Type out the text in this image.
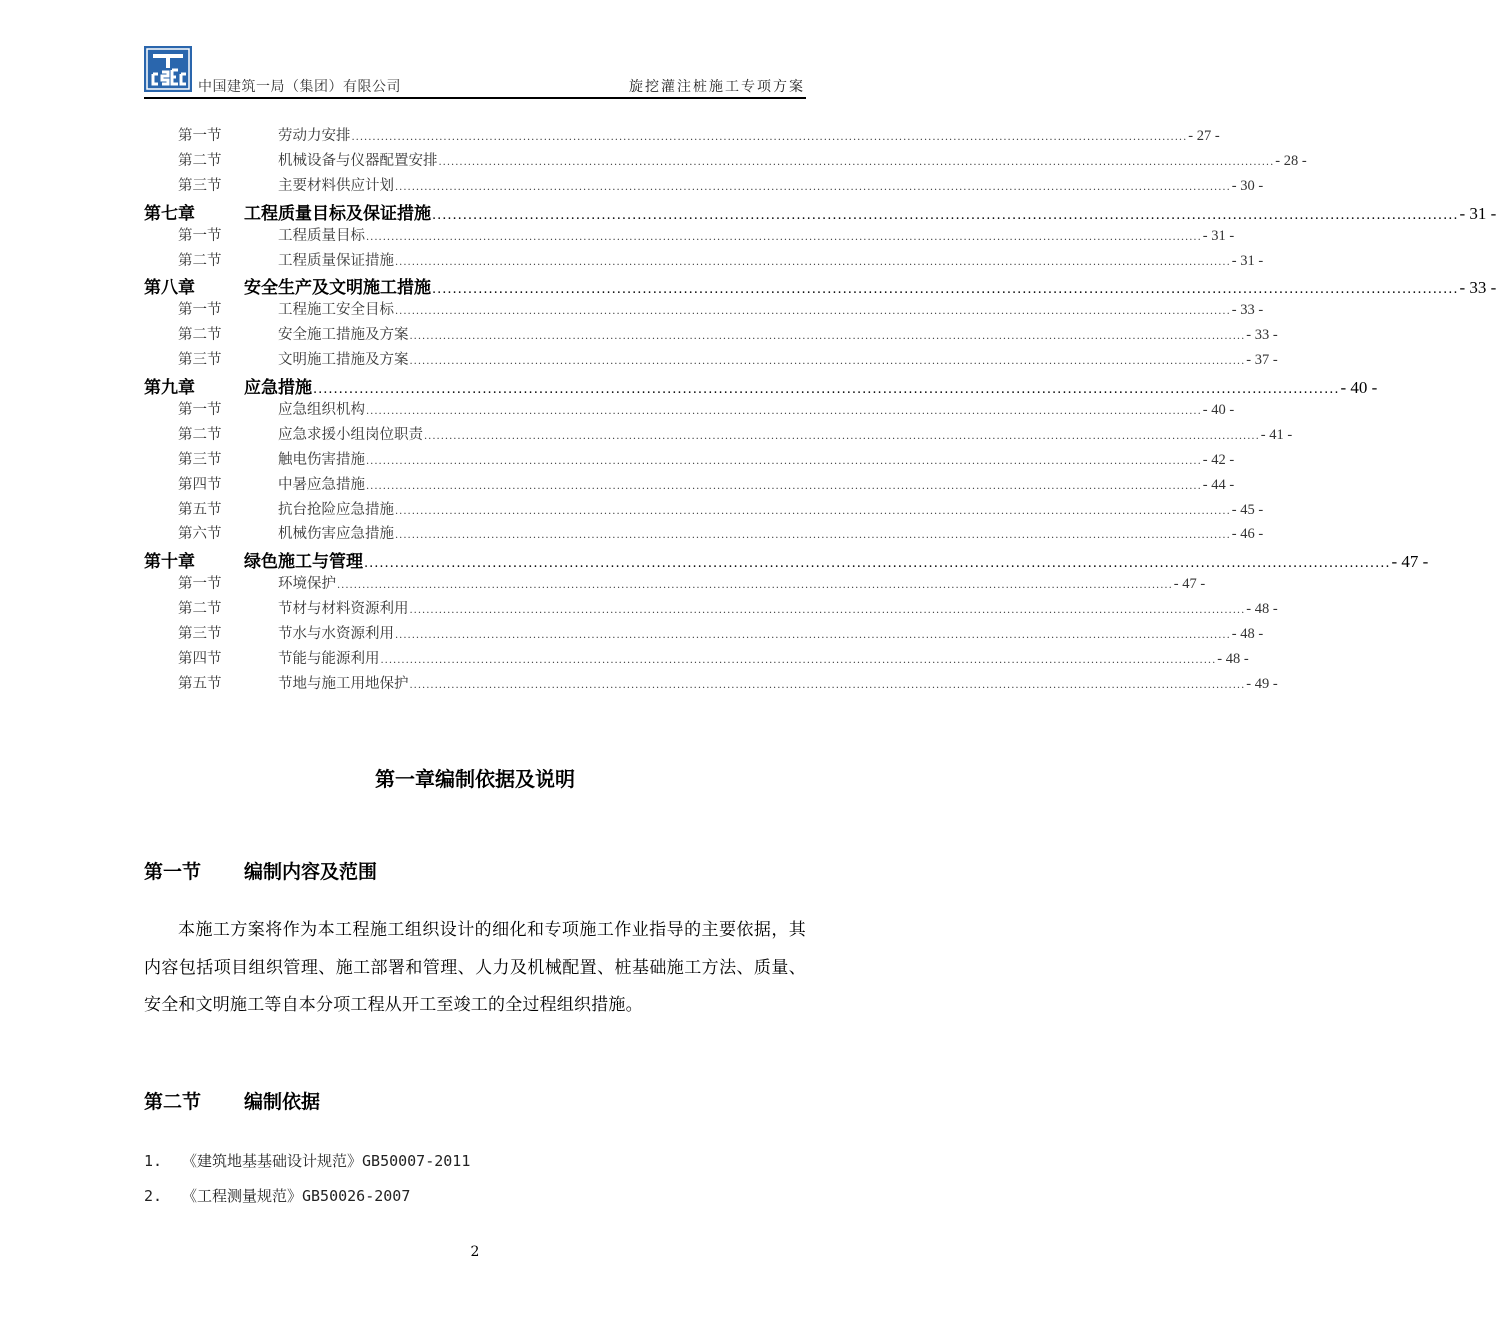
中国建筑一局（集团）有限公司	旋挖灌注桩施工专项方案
第一节	劳动力安排 ........................................................................................................................................................................................................ - 27 -
第二节	机械设备与仪器配置安排 ........................................................................................................................................................................................................ - 28 -
第三节	主要材料供应计划 ........................................................................................................................................................................................................ - 30 -
第七章	工程质量目标及保证措施 ........................................................................................................................................................................................................ - 31 -
第一节	工程质量目标 ........................................................................................................................................................................................................ - 31 -
第二节	工程质量保证措施 ........................................................................................................................................................................................................ - 31 -
第八章	安全生产及文明施工措施 ........................................................................................................................................................................................................ - 33 -
第一节	工程施工安全目标 ........................................................................................................................................................................................................ - 33 -
第二节	安全施工措施及方案 ........................................................................................................................................................................................................ - 33 -
第三节	文明施工措施及方案 ........................................................................................................................................................................................................ - 37 -
第九章	应急措施 ........................................................................................................................................................................................................ - 40 -
第一节	应急组织机构 ........................................................................................................................................................................................................ - 40 -
第二节	应急求援小组岗位职责 ........................................................................................................................................................................................................ - 41 -
第三节	触电伤害措施 ........................................................................................................................................................................................................ - 42 -
第四节	中暑应急措施 ........................................................................................................................................................................................................ - 44 -
第五节	抗台抢险应急措施 ........................................................................................................................................................................................................ - 45 -
第六节	机械伤害应急措施 ........................................................................................................................................................................................................ - 46 -
第十章	绿色施工与管理 ........................................................................................................................................................................................................ - 47 -
第一节	环境保护 ........................................................................................................................................................................................................ - 47 -
第二节	节材与材料资源利用 ........................................................................................................................................................................................................ - 48 -
第三节	节水与水资源利用 ........................................................................................................................................................................................................ - 48 -
第四节	节能与能源利用 ........................................................................................................................................................................................................ - 48 -
第五节	节地与施工用地保护 ........................................................................................................................................................................................................ - 49 -
第一章编制依据及说明
第一节 编制内容及范围
本施工方案将作为本工程施工组织设计的细化和专项施工作业指导的主要依据，其内容包括项目组织管理、施工部署和管理、人力及机械配置、桩基础施工方法、质量、安全和文明施工等自本分项工程从开工至竣工的全过程组织措施。
第二节 编制依据
1. 《建筑地基基础设计规范》GB50007-2011
2. 《工程测量规范》GB50026-2007
2
